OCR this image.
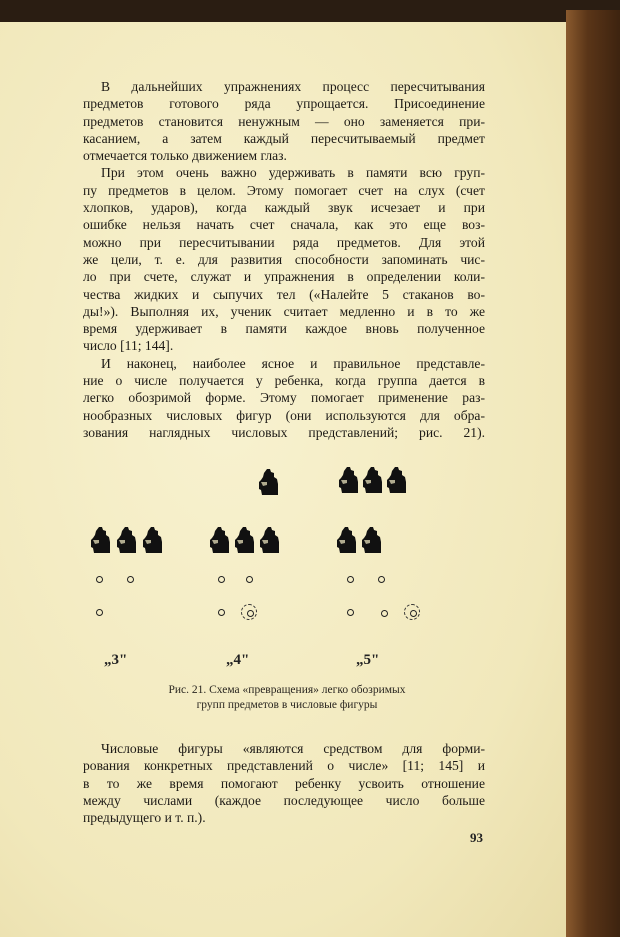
В дальнейших упражнениях процесс пересчитывания
предметов готового ряда упрощается. Присоединение
предметов становится ненужным — оно заменяется при-
касанием, а затем каждый пересчитываемый предмет
отмечается только движением глаз.
При этом очень важно удерживать в памяти всю груп-
пу предметов в целом. Этому помогает счет на слух (счет
хлопков, ударов), когда каждый звук исчезает и при
ошибке нельзя начать счет сначала, как это еще воз-
можно при пересчитывании ряда предметов. Для этой
же цели, т. е. для развития способности запоминать чис-
ло при счете, служат и упражнения в определении коли-
чества жидких и сыпучих тел («Налейте 5 стаканов во-
ды!»). Выполняя их, ученик считает медленно и в то же
время удерживает в памяти каждое вновь полученное
число [11; 144].
И наконец, наиболее ясное и правильное представле-
ние о числе получается у ребенка, когда группа дается в
легко обозримой форме. Этому помогает применение раз-
нообразных числовых фигур (они используются для обра-
зования наглядных числовых представлений; рис. 21).
„3"	„4"	„5"
Рис. 21. Схема «превращения» легко обозримых
групп предметов в числовые фигуры
Числовые фигуры «являются средством для форми-
рования конкретных представлений о числе» [11; 145] и
в то же время помогают ребенку усвоить отношение
между числами (каждое последующее число больше
предыдущего и т. п.).
93
